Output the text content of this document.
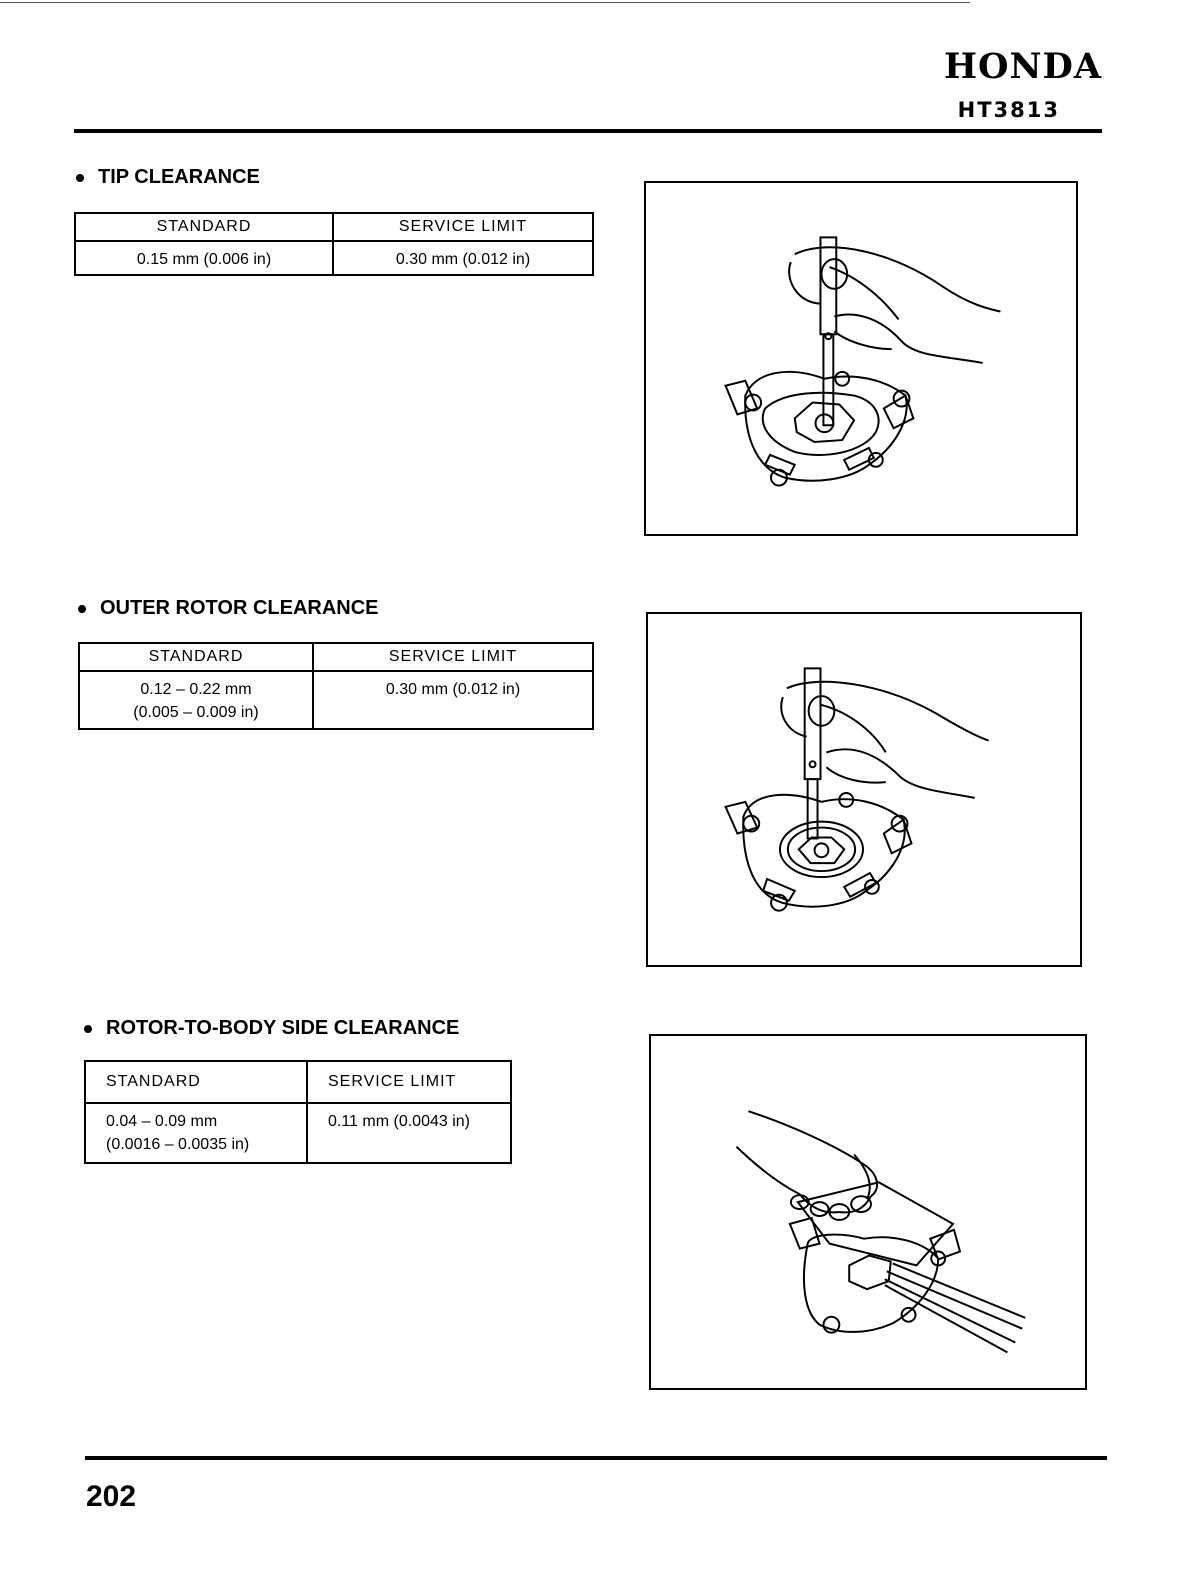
HONDA
HT3813
TIP CLEARANCE
STANDARD	SERVICE LIMIT

0.15 mm (0.006 in)	0.30 mm (0.012 in)
OUTER ROTOR CLEARANCE
STANDARD	SERVICE LIMIT

0.12 – 0.22 mm
(0.005 – 0.009 in)	0.30 mm (0.012 in)
ROTOR-TO-BODY SIDE CLEARANCE
STANDARD	SERVICE LIMIT

0.04 – 0.09 mm
(0.0016 – 0.0035 in)	0.11 mm (0.0043 in)
202
